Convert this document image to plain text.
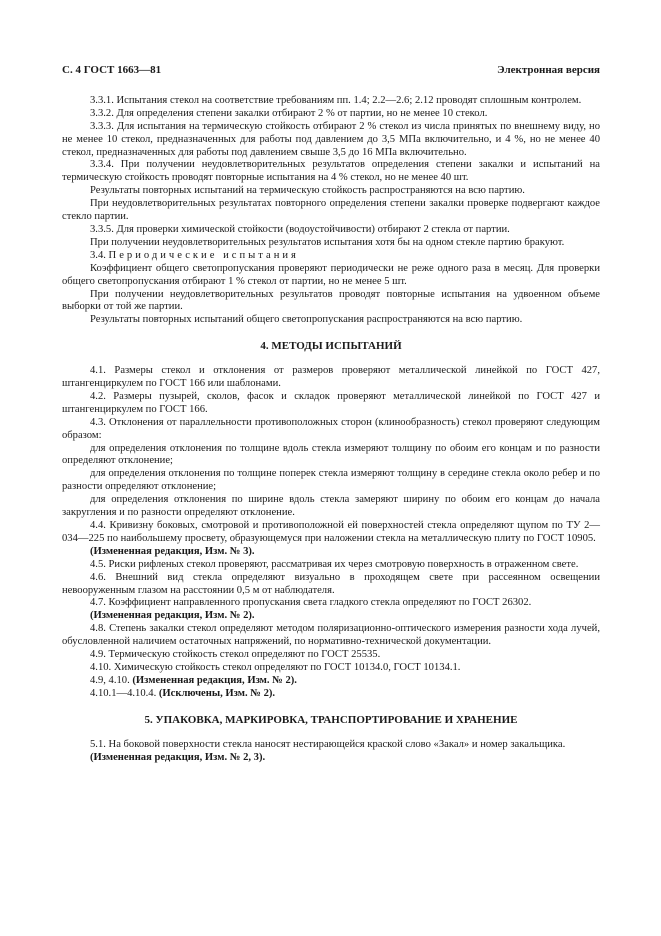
С. 4 ГОСТ 1663—81	Электронная версия

3.3.1. Испытания стекол на соответствие требованиям пп. 1.4; 2.2—2.6; 2.12 проводят сплошным контролем.

3.3.2. Для определения степени закалки отбирают 2 % от партии, но не менее 10 стекол.

3.3.3. Для испытания на термическую стойкость отбирают 2 % стекол из числа принятых по внешнему виду, но не менее 10 стекол, предназначенных для работы под давлением до 3,5 МПа включительно, и 4 %, но не менее 40 стекол, предназначенных для работы под давлением свыше 3,5 до 16 МПа включительно.

3.3.4. При получении неудовлетворительных результатов определения степени закалки и испытаний на термическую стойкость проводят повторные испытания на 4 % стекол, но не менее 40 шт.

Результаты повторных испытаний на термическую стойкость распространяются на всю партию.

При неудовлетворительных результатах повторного определения степени закалки проверке подвергают каждое стекло партии.

3.3.5. Для проверки химической стойкости (водоустойчивости) отбирают 2 стекла от партии.

При получении неудовлетворительных результатов испытания хотя бы на одном стекле партию бракуют.

3.4. Периодические испытания

Коэффициент общего светопропускания проверяют периодически не реже одного раза в месяц. Для проверки общего светопропускания отбирают 1 % стекол от партии, но не менее 5 шт.

При получении неудовлетворительных результатов проводят повторные испытания на удвоенном объеме выборки от той же партии.

Результаты повторных испытаний общего светопропускания распространяются на всю партию.

4. МЕТОДЫ ИСПЫТАНИЙ

4.1. Размеры стекол и отклонения от размеров проверяют металлической линейкой по ГОСТ 427, штангенциркулем по ГОСТ 166 или шаблонами.

4.2. Размеры пузырей, сколов, фасок и складок проверяют металлической линейкой по ГОСТ 427 и штангенциркулем по ГОСТ 166.

4.3. Отклонения от параллельности противоположных сторон (клинообразность) стекол проверяют следующим образом:

для определения отклонения по толщине вдоль стекла измеряют толщину по обоим его концам и по разности определяют отклонение;

для определения отклонения по толщине поперек стекла измеряют толщину в середине стекла около ребер и по разности определяют отклонение;

для определения отклонения по ширине вдоль стекла замеряют ширину по обоим его концам до начала закругления и по разности определяют отклонение.

4.4. Кривизну боковых, смотровой и противоположной ей поверхностей стекла определяют щупом по ТУ 2—034—225 по наибольшему просвету, образующемуся при наложении стекла на металлическую плиту по ГОСТ 10905.

(Измененная редакция, Изм. № 3).

4.5. Риски рифленых стекол проверяют, рассматривая их через смотровую поверхность в отраженном свете.

4.6. Внешний вид стекла определяют визуально в проходящем свете при рассеянном освещении невооруженным глазом на расстоянии 0,5 м от наблюдателя.

4.7. Коэффициент направленного пропускания света гладкого стекла определяют по ГОСТ 26302.

(Измененная редакция, Изм. № 2).

4.8. Степень закалки стекол определяют методом поляризационно-оптического измерения разности хода лучей, обусловленной наличием остаточных напряжений, по нормативно-технической документации.

4.9. Термическую стойкость стекол определяют по ГОСТ 25535.

4.10. Химическую стойкость стекол определяют по ГОСТ 10134.0, ГОСТ 10134.1.

4.9, 4.10. (Измененная редакция, Изм. № 2).

4.10.1—4.10.4. (Исключены, Изм. № 2).

5. УПАКОВКА, МАРКИРОВКА, ТРАНСПОРТИРОВАНИЕ И ХРАНЕНИЕ

5.1. На боковой поверхности стекла наносят нестирающейся краской слово «Закал» и номер закальщика.

(Измененная редакция, Изм. № 2, 3).
